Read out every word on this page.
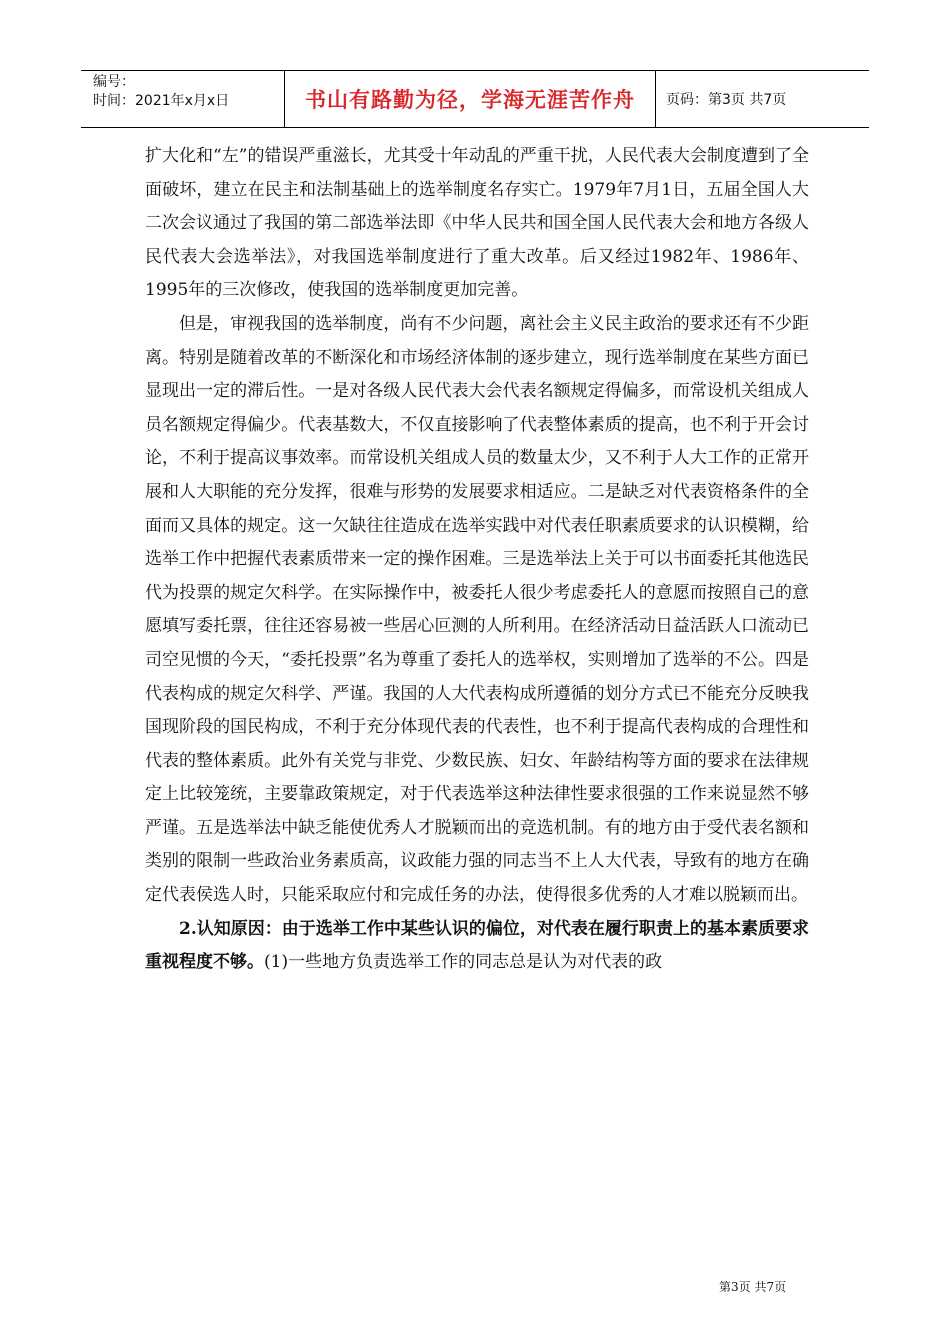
编号：
时间：2021年x月x日	书山有路勤为径，学海无涯苦作舟	页码：第3页 共7页

扩大化和“左”的错误严重滋长，尤其受十年动乱的严重干扰，人民代表大会制度遭到了全面破坏，建立在民主和法制基础上的选举制度名存实亡。1979年7月1日，五届全国人大二次会议通过了我国的第二部选举法即《中华人民共和国全国人民代表大会和地方各级人民代表大会选举法》，对我国选举制度进行了重大改革。后又经过1982年、1986年、1995年的三次修改，使我国的选举制度更加完善。

但是，审视我国的选举制度，尚有不少问题，离社会主义民主政治的要求还有不少距离。特别是随着改革的不断深化和市场经济体制的逐步建立，现行选举制度在某些方面已显现出一定的滞后性。一是对各级人民代表大会代表名额规定得偏多，而常设机关组成人员名额规定得偏少。代表基数大，不仅直接影响了代表整体素质的提高，也不利于开会讨论，不利于提高议事效率。而常设机关组成人员的数量太少，又不利于人大工作的正常开展和人大职能的充分发挥，很难与形势的发展要求相适应。二是缺乏对代表资格条件的全面而又具体的规定。这一欠缺往往造成在选举实践中对代表任职素质要求的认识模糊，给选举工作中把握代表素质带来一定的操作困难。三是选举法上关于可以书面委托其他选民代为投票的规定欠科学。在实际操作中，被委托人很少考虑委托人的意愿而按照自己的意愿填写委托票，往往还容易被一些居心叵测的人所利用。在经济活动日益活跃人口流动已司空见惯的今天，“委托投票”名为尊重了委托人的选举权，实则增加了选举的不公。四是代表构成的规定欠科学、严谨。我国的人大代表构成所遵循的划分方式已不能充分反映我国现阶段的国民构成，不利于充分体现代表的代表性，也不利于提高代表构成的合理性和代表的整体素质。此外有关党与非党、少数民族、妇女、年龄结构等方面的要求在法律规定上比较笼统，主要靠政策规定，对于代表选举这种法律性要求很强的工作来说显然不够严谨。五是选举法中缺乏能使优秀人才脱颖而出的竞选机制。有的地方由于受代表名额和类别的限制一些政治业务素质高，议政能力强的同志当不上人大代表，导致有的地方在确定代表侯选人时，只能采取应付和完成任务的办法，使得很多优秀的人才难以脱颖而出。

2.认知原因：由于选举工作中某些认识的偏位，对代表在履行职责上的基本素质要求重视程度不够。(1)一些地方负责选举工作的同志总是认为对代表的政

第3页 共7页
